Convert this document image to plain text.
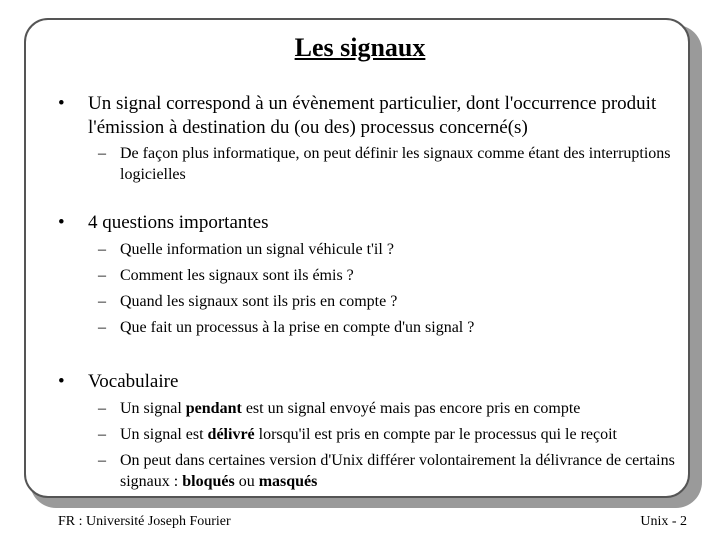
Les signaux
• Un signal correspond à un évènement particulier, dont l'occurrence produit l'émission à destination du (ou des) processus concerné(s)
– De façon plus informatique, on peut définir les signaux comme étant des interruptions logicielles
• 4 questions importantes
– Quelle information un signal véhicule t'il ?
– Comment les signaux sont ils émis ?
– Quand les signaux sont ils pris en compte ?
– Que fait un processus à la prise en compte d'un signal ?
• Vocabulaire
– Un signal pendant est un signal envoyé mais pas encore pris en compte
– Un signal est délivré lorsqu'il est pris en compte par le processus qui le reçoit
– On peut dans certaines version d'Unix différer volontairement la délivrance de certains signaux : bloqués ou masqués
FR : Université Joseph Fourier	Unix - 2
